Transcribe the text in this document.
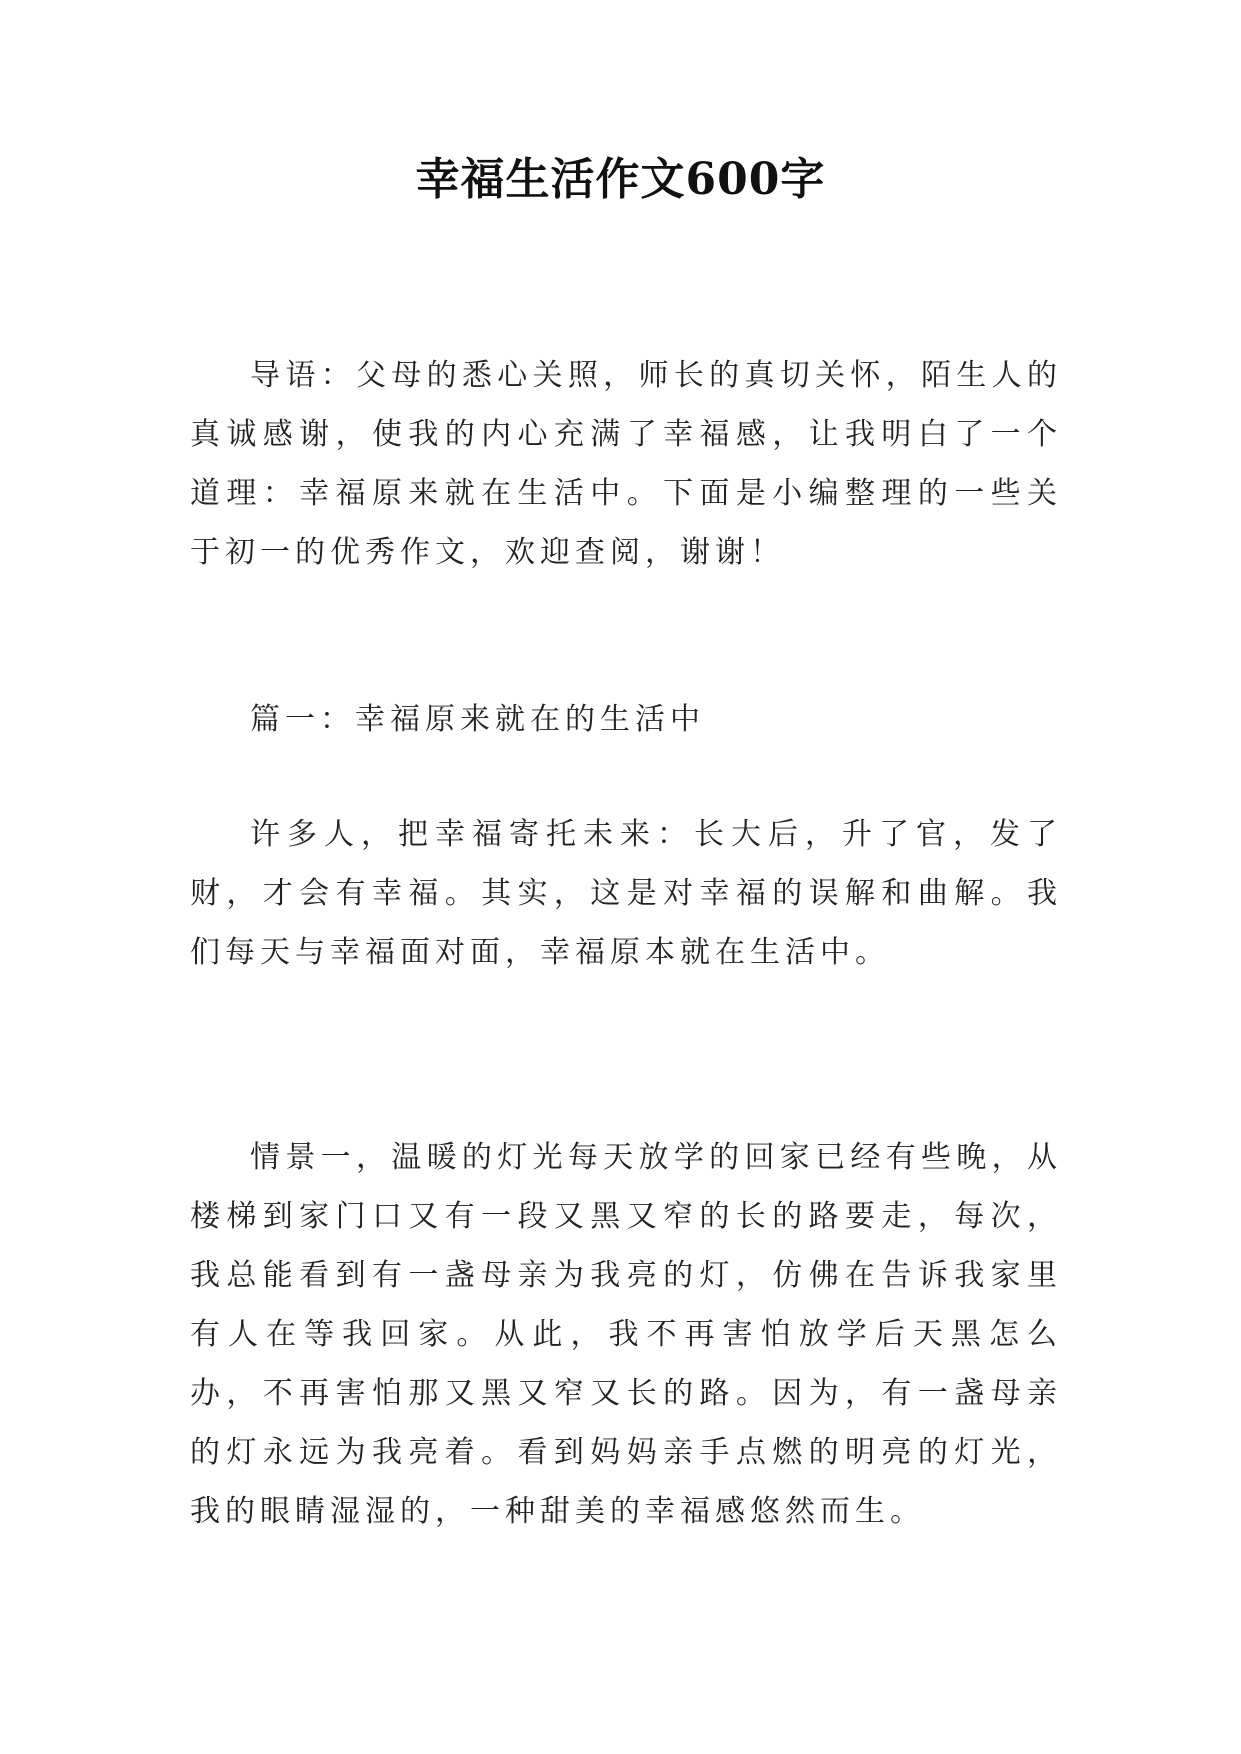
幸福生活作文600字

导语：父母的悉心关照，师长的真切关怀，陌生人的真诚感谢，使我的内心充满了幸福感，让我明白了一个道理：幸福原来就在生活中。下面是小编整理的一些关于初一的优秀作文，欢迎查阅，谢谢！

篇一：幸福原来就在的生活中

许多人，把幸福寄托未来：长大后，升了官，发了财，才会有幸福。其实，这是对幸福的误解和曲解。我们每天与幸福面对面，幸福原本就在生活中。

情景一，温暖的灯光每天放学的回家已经有些晚，从楼梯到家门口又有一段又黑又窄的长的路要走，每次，我总能看到有一盏母亲为我亮的灯，仿佛在告诉我家里有人在等我回家。从此，我不再害怕放学后天黑怎么办，不再害怕那又黑又窄又长的路。因为，有一盏母亲的灯永远为我亮着。看到妈妈亲手点燃的明亮的灯光，我的眼睛湿湿的，一种甜美的幸福感悠然而生。
